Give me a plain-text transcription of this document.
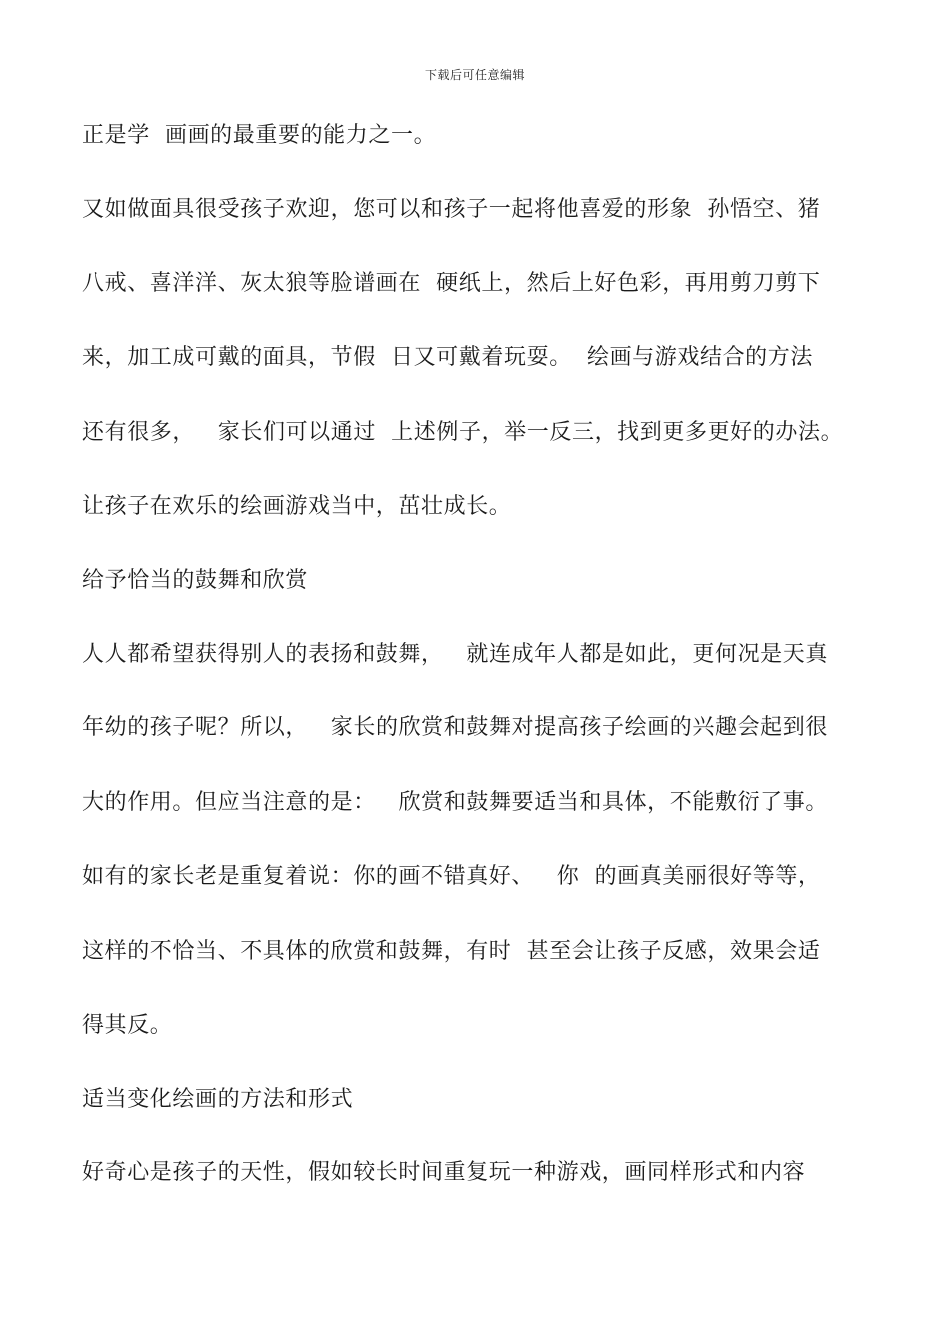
下载后可任意编辑
正是学  画画的最重要的能力之一。
又如做面具很受孩子欢迎，您可以和孩子一起将他喜爱的形象  孙悟空、猪
八戒、喜洋洋、灰太狼等脸谱画在  硬纸上，然后上好色彩，再用剪刀剪下
来，加工成可戴的面具，节假  日又可戴着玩耍。  绘画与游戏结合的方法
还有很多，   家长们可以通过  上述例子，举一反三，找到更多更好的办法。
让孩子在欢乐的绘画游戏当中，茁壮成长。
给予恰当的鼓舞和欣赏
人人都希望获得别人的表扬和鼓舞，   就连成年人都是如此，更何况是天真
年幼的孩子呢？所以，   家长的欣赏和鼓舞对提高孩子绘画的兴趣会起到很
大的作用。但应当注意的是：   欣赏和鼓舞要适当和具体，不能敷衍了事。
如有的家长老是重复着说：你的画不错真好、   你  的画真美丽很好等等，
这样的不恰当、不具体的欣赏和鼓舞，有时  甚至会让孩子反感，效果会适
得其反。
适当变化绘画的方法和形式
好奇心是孩子的天性，假如较长时间重复玩一种游戏，画同样形式和内容
